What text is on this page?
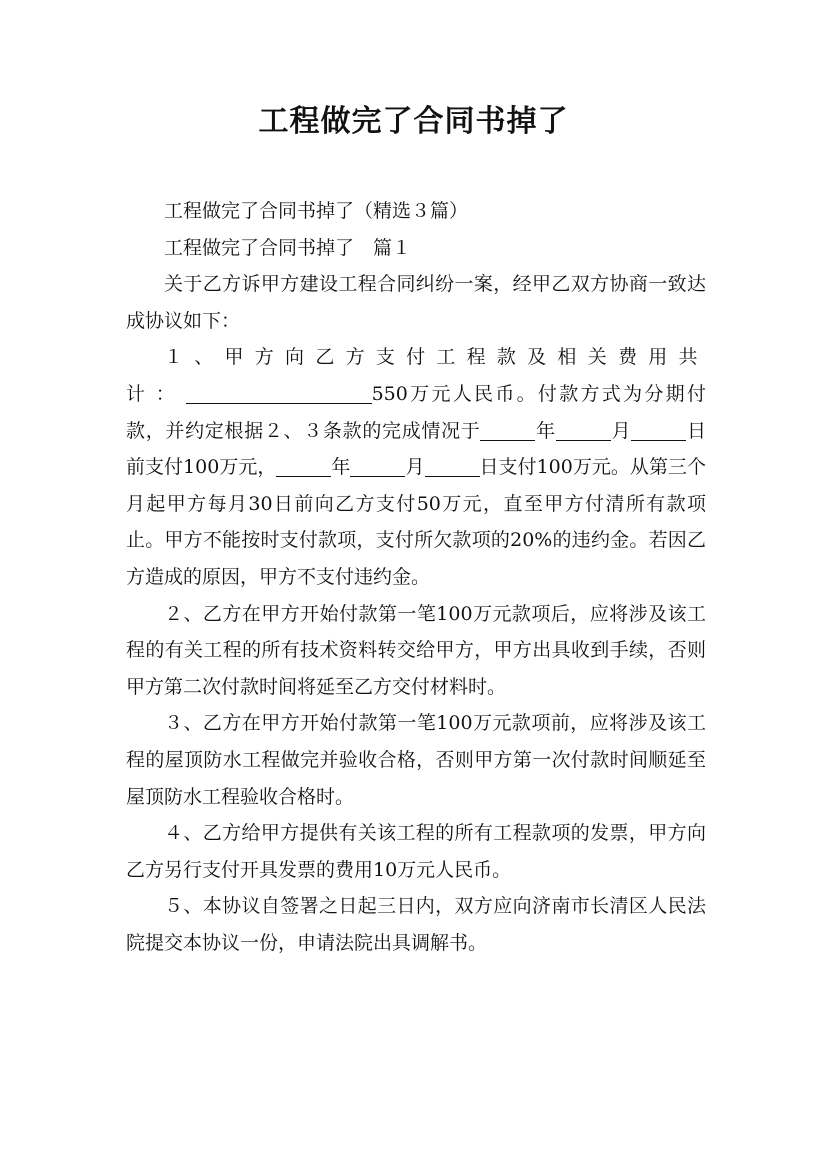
工程做完了合同书掉了

工程做完了合同书掉了（精选３篇）

工程做完了合同书掉了　篇１

关于乙方诉甲方建设工程合同纠纷一案，经甲乙双方协商一致达成协议如下：

１、甲方向乙方支付工程款及相关费用共计：	550万元人民币。付款方式为分期付款，并约定根据２、３条款的完成情况于	年	月	日前支付100万元，	年	月	日支付100万元。从第三个月起甲方每月30日前向乙方支付50万元，直至甲方付清所有款项止。甲方不能按时支付款项，支付所欠款项的20%的违约金。若因乙方造成的原因，甲方不支付违约金。

２、乙方在甲方开始付款第一笔100万元款项后，应将涉及该工程的有关工程的所有技术资料转交给甲方，甲方出具收到手续，否则甲方第二次付款时间将延至乙方交付材料时。

３、乙方在甲方开始付款第一笔100万元款项前，应将涉及该工程的屋顶防水工程做完并验收合格，否则甲方第一次付款时间顺延至屋顶防水工程验收合格时。

４、乙方给甲方提供有关该工程的所有工程款项的发票，甲方向乙方另行支付开具发票的费用10万元人民币。

５、本协议自签署之日起三日内，双方应向济南市长清区人民法院提交本协议一份，申请法院出具调解书。
